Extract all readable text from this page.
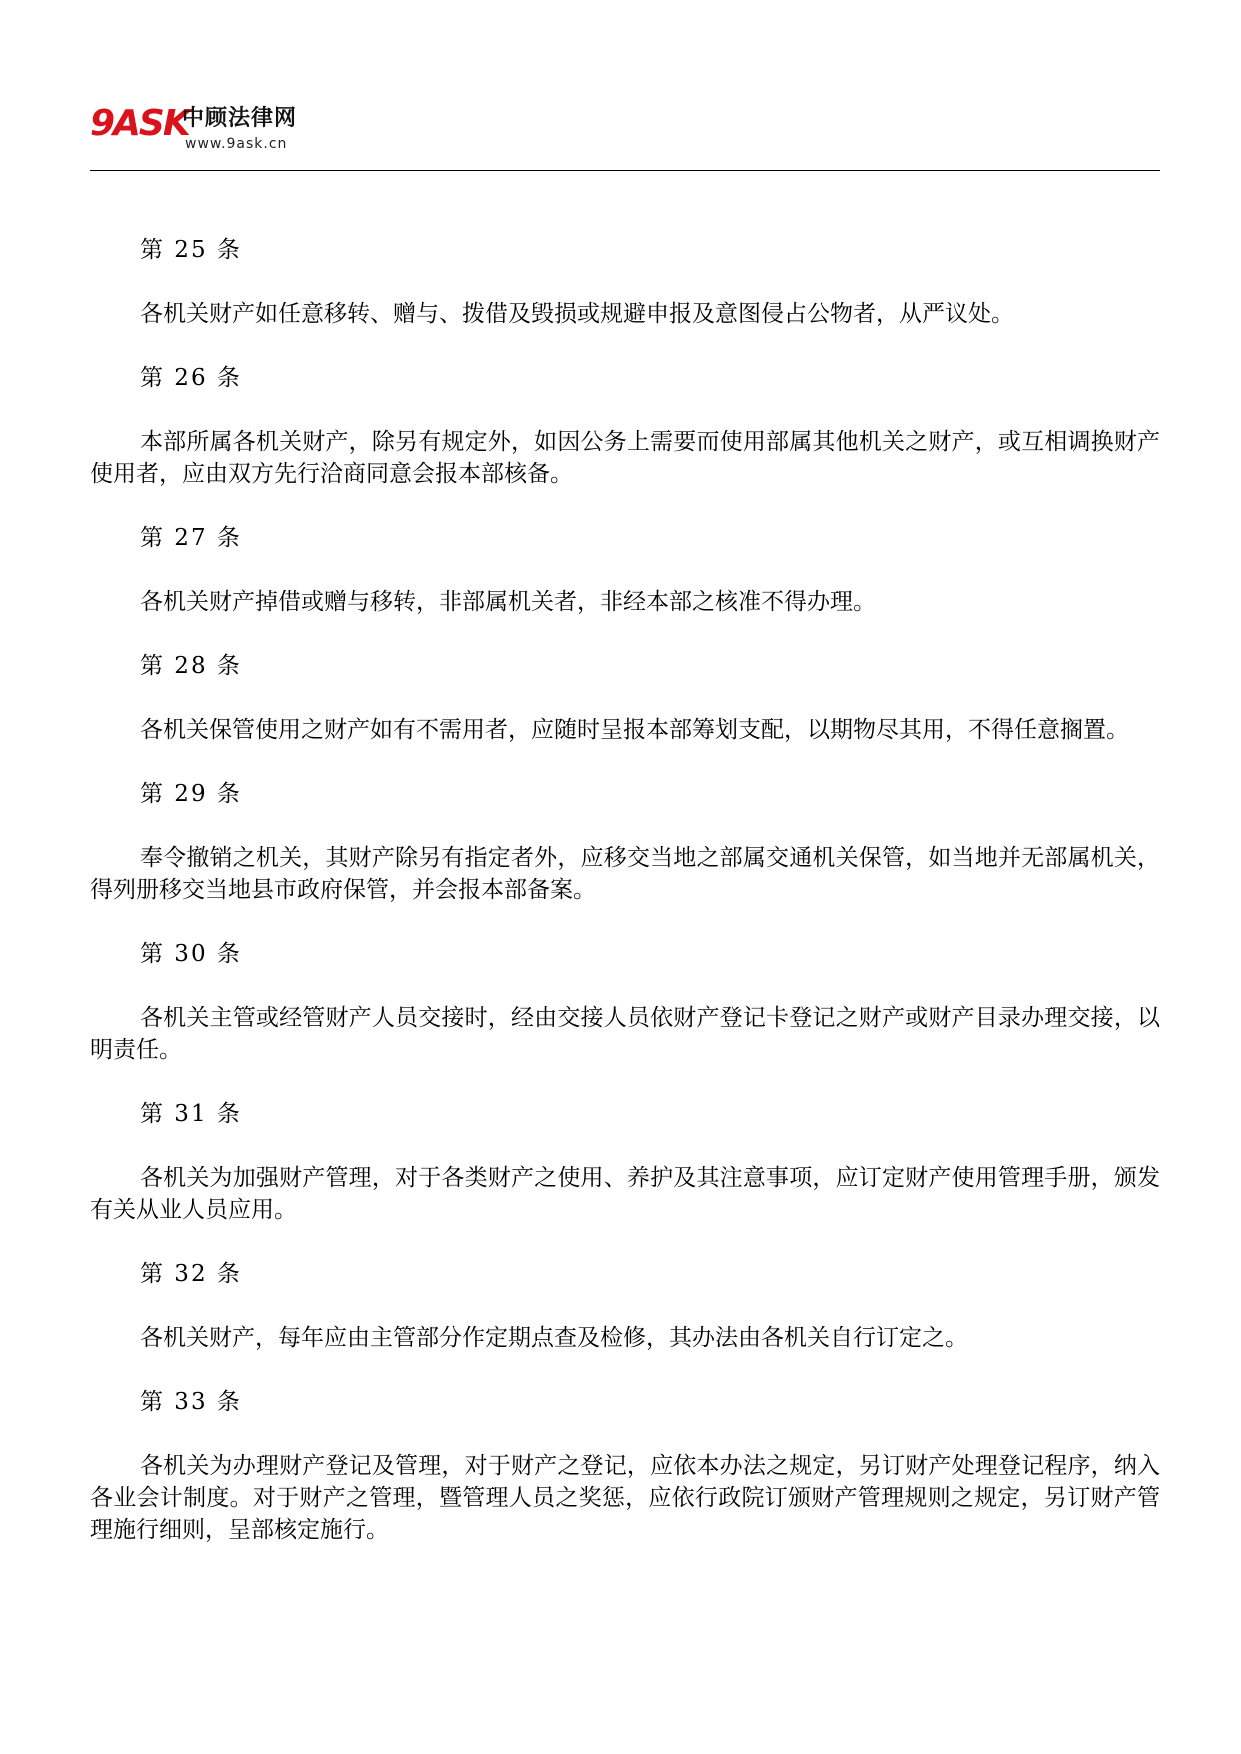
9ASK
中顾法律网
www.9ask.cn

第 25 条

各机关财产如任意移转、赠与、拨借及毁损或规避申报及意图侵占公物者，从严议处。

第 26 条

本部所属各机关财产，除另有规定外，如因公务上需要而使用部属其他机关之财产，或互相调换财产使用者，应由双方先行洽商同意会报本部核备。

第 27 条

各机关财产掉借或赠与移转，非部属机关者，非经本部之核准不得办理。

第 28 条

各机关保管使用之财产如有不需用者，应随时呈报本部筹划支配，以期物尽其用，不得任意搁置。

第 29 条

奉令撤销之机关，其财产除另有指定者外，应移交当地之部属交通机关保管，如当地并无部属机关，得列册移交当地县市政府保管，并会报本部备案。

第 30 条

各机关主管或经管财产人员交接时，经由交接人员依财产登记卡登记之财产或财产目录办理交接，以明责任。

第 31 条

各机关为加强财产管理，对于各类财产之使用、养护及其注意事项，应订定财产使用管理手册，颁发有关从业人员应用。

第 32 条

各机关财产，每年应由主管部分作定期点查及检修，其办法由各机关自行订定之。

第 33 条

各机关为办理财产登记及管理，对于财产之登记，应依本办法之规定，另订财产处理登记程序，纳入各业会计制度。对于财产之管理，暨管理人员之奖惩，应依行政院订颁财产管理规则之规定，另订财产管理施行细则，呈部核定施行。
